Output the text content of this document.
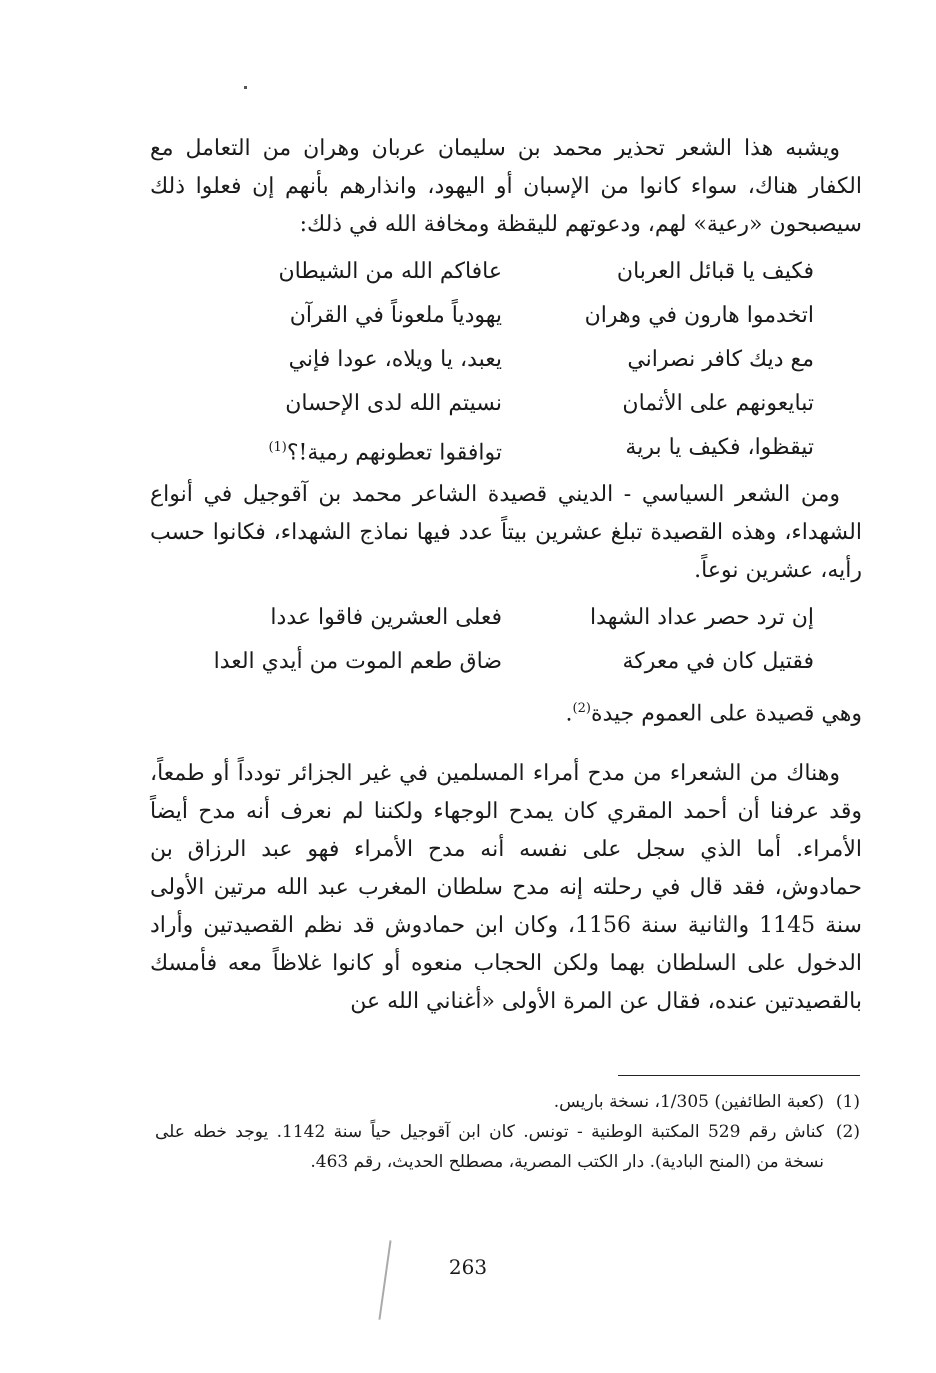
ويشبه هذا الشعر تحذير محمد بن سليمان عربان وهران من التعامل مع الكفار هناك، سواء كانوا من الإسبان أو اليهود، وانذارهم بأنهم إن فعلوا ذلك سيصبحون «رعية» لهم، ودعوتهم لليقظة ومخافة الله في ذلك:

فكيف يا قبائل العربان
عافاكم الله من الشيطان
اتخدموا هارون في وهران
يهودياً ملعوناً في القرآن
مع ديك كافر نصراني
يعبد، يا ويلاه، عودا فإني
تبايعونهم على الأثمان
نسيتم الله لدى الإحسان
تيقظوا، فكيف يا برية
توافقوا تعطونهم رمية!؟$^{(1)}$

ومن الشعر السياسي - الديني قصيدة الشاعر محمد بن آقوجيل في أنواع الشهداء، وهذه القصيدة تبلغ عشرين بيتاً عدد فيها نماذج الشهداء، فكانوا حسب رأيه، عشرين نوعاً.

إن ترد حصر عداد الشهدا
فعلى العشرين فاقوا عددا
فقتيل كان في معركة
ضاق طعم الموت من أيدي العدا

وهي قصيدة على العموم جيدة$^{(2)}$.

وهناك من الشعراء من مدح أمراء المسلمين في غير الجزائر تودداً أو طمعاً، وقد عرفنا أن أحمد المقري كان يمدح الوجهاء ولكننا لم نعرف أنه مدح أيضاً الأمراء. أما الذي سجل على نفسه أنه مدح الأمراء فهو عبد الرزاق بن حمادوش، فقد قال في رحلته إنه مدح سلطان المغرب عبد الله مرتين الأولى سنة 1145 والثانية سنة 1156، وكان ابن حمادوش قد نظم القصيدتين وأراد الدخول على السلطان بهما ولكن الحجاب منعوه أو كانوا غلاظاً معه فأمسك بالقصيدتين عنده، فقال عن المرة الأولى «أغناني الله عن

(1)
(كعبة الطائفين) 1/305، نسخة باريس.
(2)
كناش رقم 529 المكتبة الوطنية - تونس. كان ابن آقوجيل حياً سنة 1142. يوجد خطه على نسخة من (المنح البادية). دار الكتب المصرية، مصطلح الحديث، رقم 463.
263
